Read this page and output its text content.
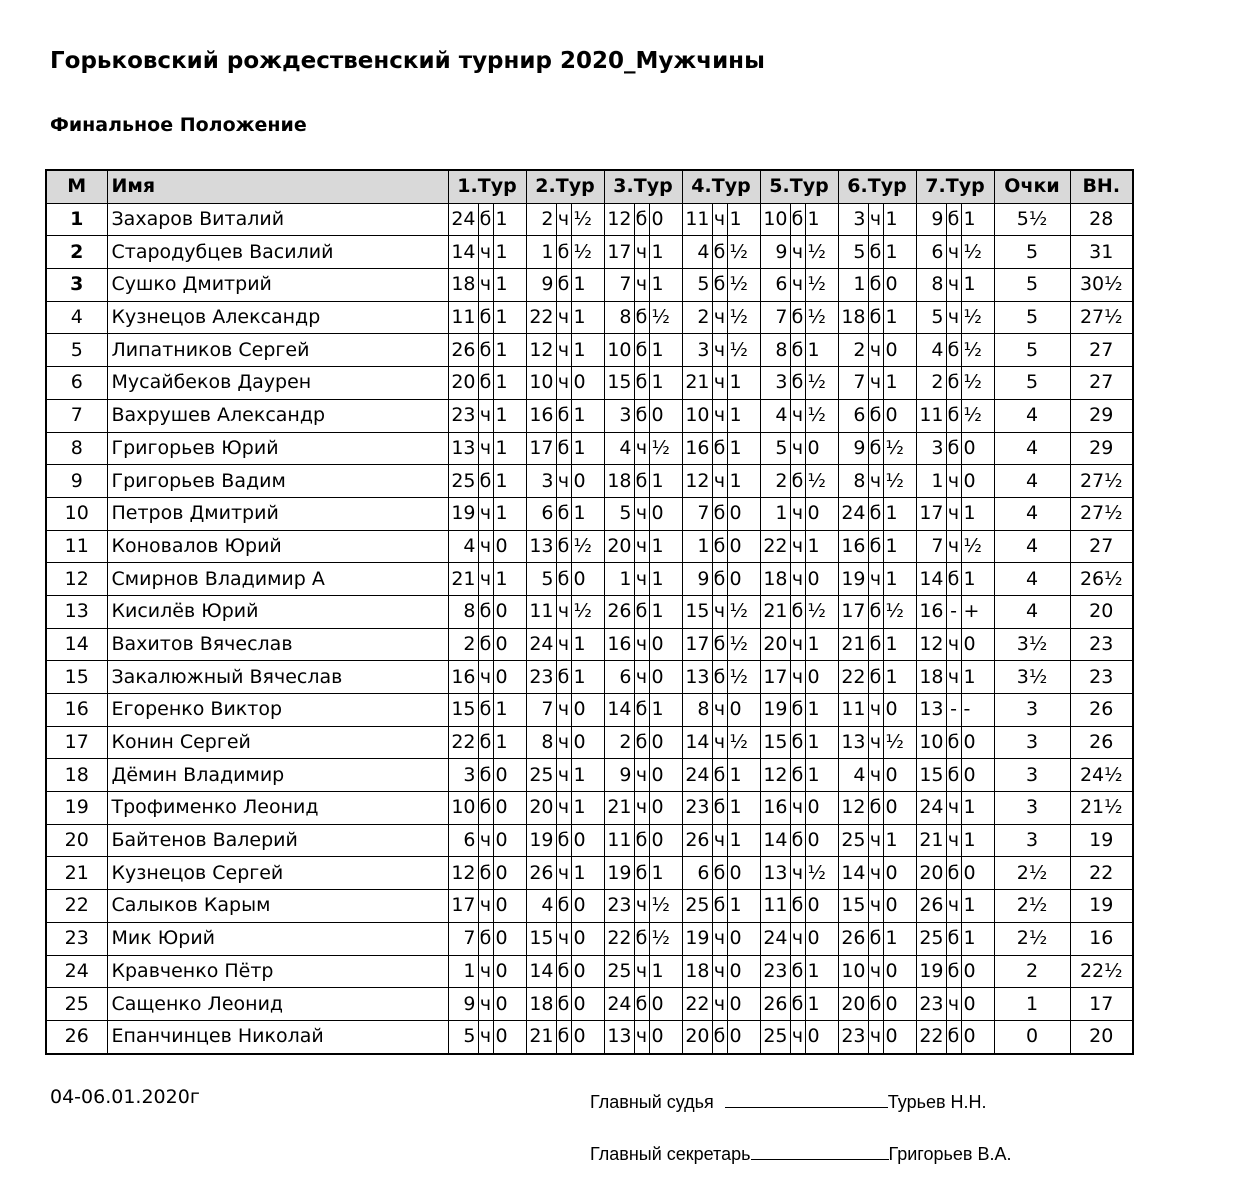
Горьковский рождественский турнир 2020_Мужчины
Финальное Положение
М	Имя	1.Тур			2.Тур			3.Тур			4.Тур			5.Тур			6.Тур			7.Тур			Очки	ВН.
1	Захаров Виталий	24	б	1	2	ч	½	12	б	0	11	ч	1	10	б	1	3	ч	1	9	б	1	5½	28
2	Стародубцев Василий	14	ч	1	1	б	½	17	ч	1	4	б	½	9	ч	½	5	б	1	6	ч	½	5	31
3	Сушко Дмитрий	18	ч	1	9	б	1	7	ч	1	5	б	½	6	ч	½	1	б	0	8	ч	1	5	30½
4	Кузнецов Александр	11	б	1	22	ч	1	8	б	½	2	ч	½	7	б	½	18	б	1	5	ч	½	5	27½
5	Липатников Сергей	26	б	1	12	ч	1	10	б	1	3	ч	½	8	б	1	2	ч	0	4	б	½	5	27
6	Мусайбеков Даурен	20	б	1	10	ч	0	15	б	1	21	ч	1	3	б	½	7	ч	1	2	б	½	5	27
7	Вахрушев Александр	23	ч	1	16	б	1	3	б	0	10	ч	1	4	ч	½	6	б	0	11	б	½	4	29
8	Григорьев Юрий	13	ч	1	17	б	1	4	ч	½	16	б	1	5	ч	0	9	б	½	3	б	0	4	29
9	Григорьев Вадим	25	б	1	3	ч	0	18	б	1	12	ч	1	2	б	½	8	ч	½	1	ч	0	4	27½
10	Петров Дмитрий	19	ч	1	6	б	1	5	ч	0	7	б	0	1	ч	0	24	б	1	17	ч	1	4	27½
11	Коновалов Юрий	4	ч	0	13	б	½	20	ч	1	1	б	0	22	ч	1	16	б	1	7	ч	½	4	27
12	Смирнов Владимир А	21	ч	1	5	б	0	1	ч	1	9	б	0	18	ч	0	19	ч	1	14	б	1	4	26½
13	Кисилёв Юрий	8	б	0	11	ч	½	26	б	1	15	ч	½	21	б	½	17	б	½	16	-	+	4	20
14	Вахитов Вячеслав	2	б	0	24	ч	1	16	ч	0	17	б	½	20	ч	1	21	б	1	12	ч	0	3½	23
15	Закалюжный Вячеслав	16	ч	0	23	б	1	6	ч	0	13	б	½	17	ч	0	22	б	1	18	ч	1	3½	23
16	Егоренко Виктор	15	б	1	7	ч	0	14	б	1	8	ч	0	19	б	1	11	ч	0	13	-	-	3	26
17	Конин Сергей	22	б	1	8	ч	0	2	б	0	14	ч	½	15	б	1	13	ч	½	10	б	0	3	26
18	Дёмин Владимир	3	б	0	25	ч	1	9	ч	0	24	б	1	12	б	1	4	ч	0	15	б	0	3	24½
19	Трофименко Леонид	10	б	0	20	ч	1	21	ч	0	23	б	1	16	ч	0	12	б	0	24	ч	1	3	21½
20	Байтенов Валерий	6	ч	0	19	б	0	11	б	0	26	ч	1	14	б	0	25	ч	1	21	ч	1	3	19
21	Кузнецов Сергей	12	б	0	26	ч	1	19	б	1	6	б	0	13	ч	½	14	ч	0	20	б	0	2½	22
22	Салыков Карым	17	ч	0	4	б	0	23	ч	½	25	б	1	11	б	0	15	ч	0	26	ч	1	2½	19
23	Мик Юрий	7	б	0	15	ч	0	22	б	½	19	ч	0	24	ч	0	26	б	1	25	б	1	2½	16
24	Кравченко Пётр	1	ч	0	14	б	0	25	ч	1	18	ч	0	23	б	1	10	ч	0	19	б	0	2	22½
25	Сащенко Леонид	9	ч	0	18	б	0	24	б	0	22	ч	0	26	б	1	20	б	0	23	ч	0	1	17
26	Епанчинцев Николай	5	ч	0	21	б	0	13	ч	0	20	б	0	25	ч	0	23	ч	0	22	б	0	0	20
04-06.01.2020г	Главный судья	Турьев Н.Н.
Главный секретарь	Григорьев В.А.
